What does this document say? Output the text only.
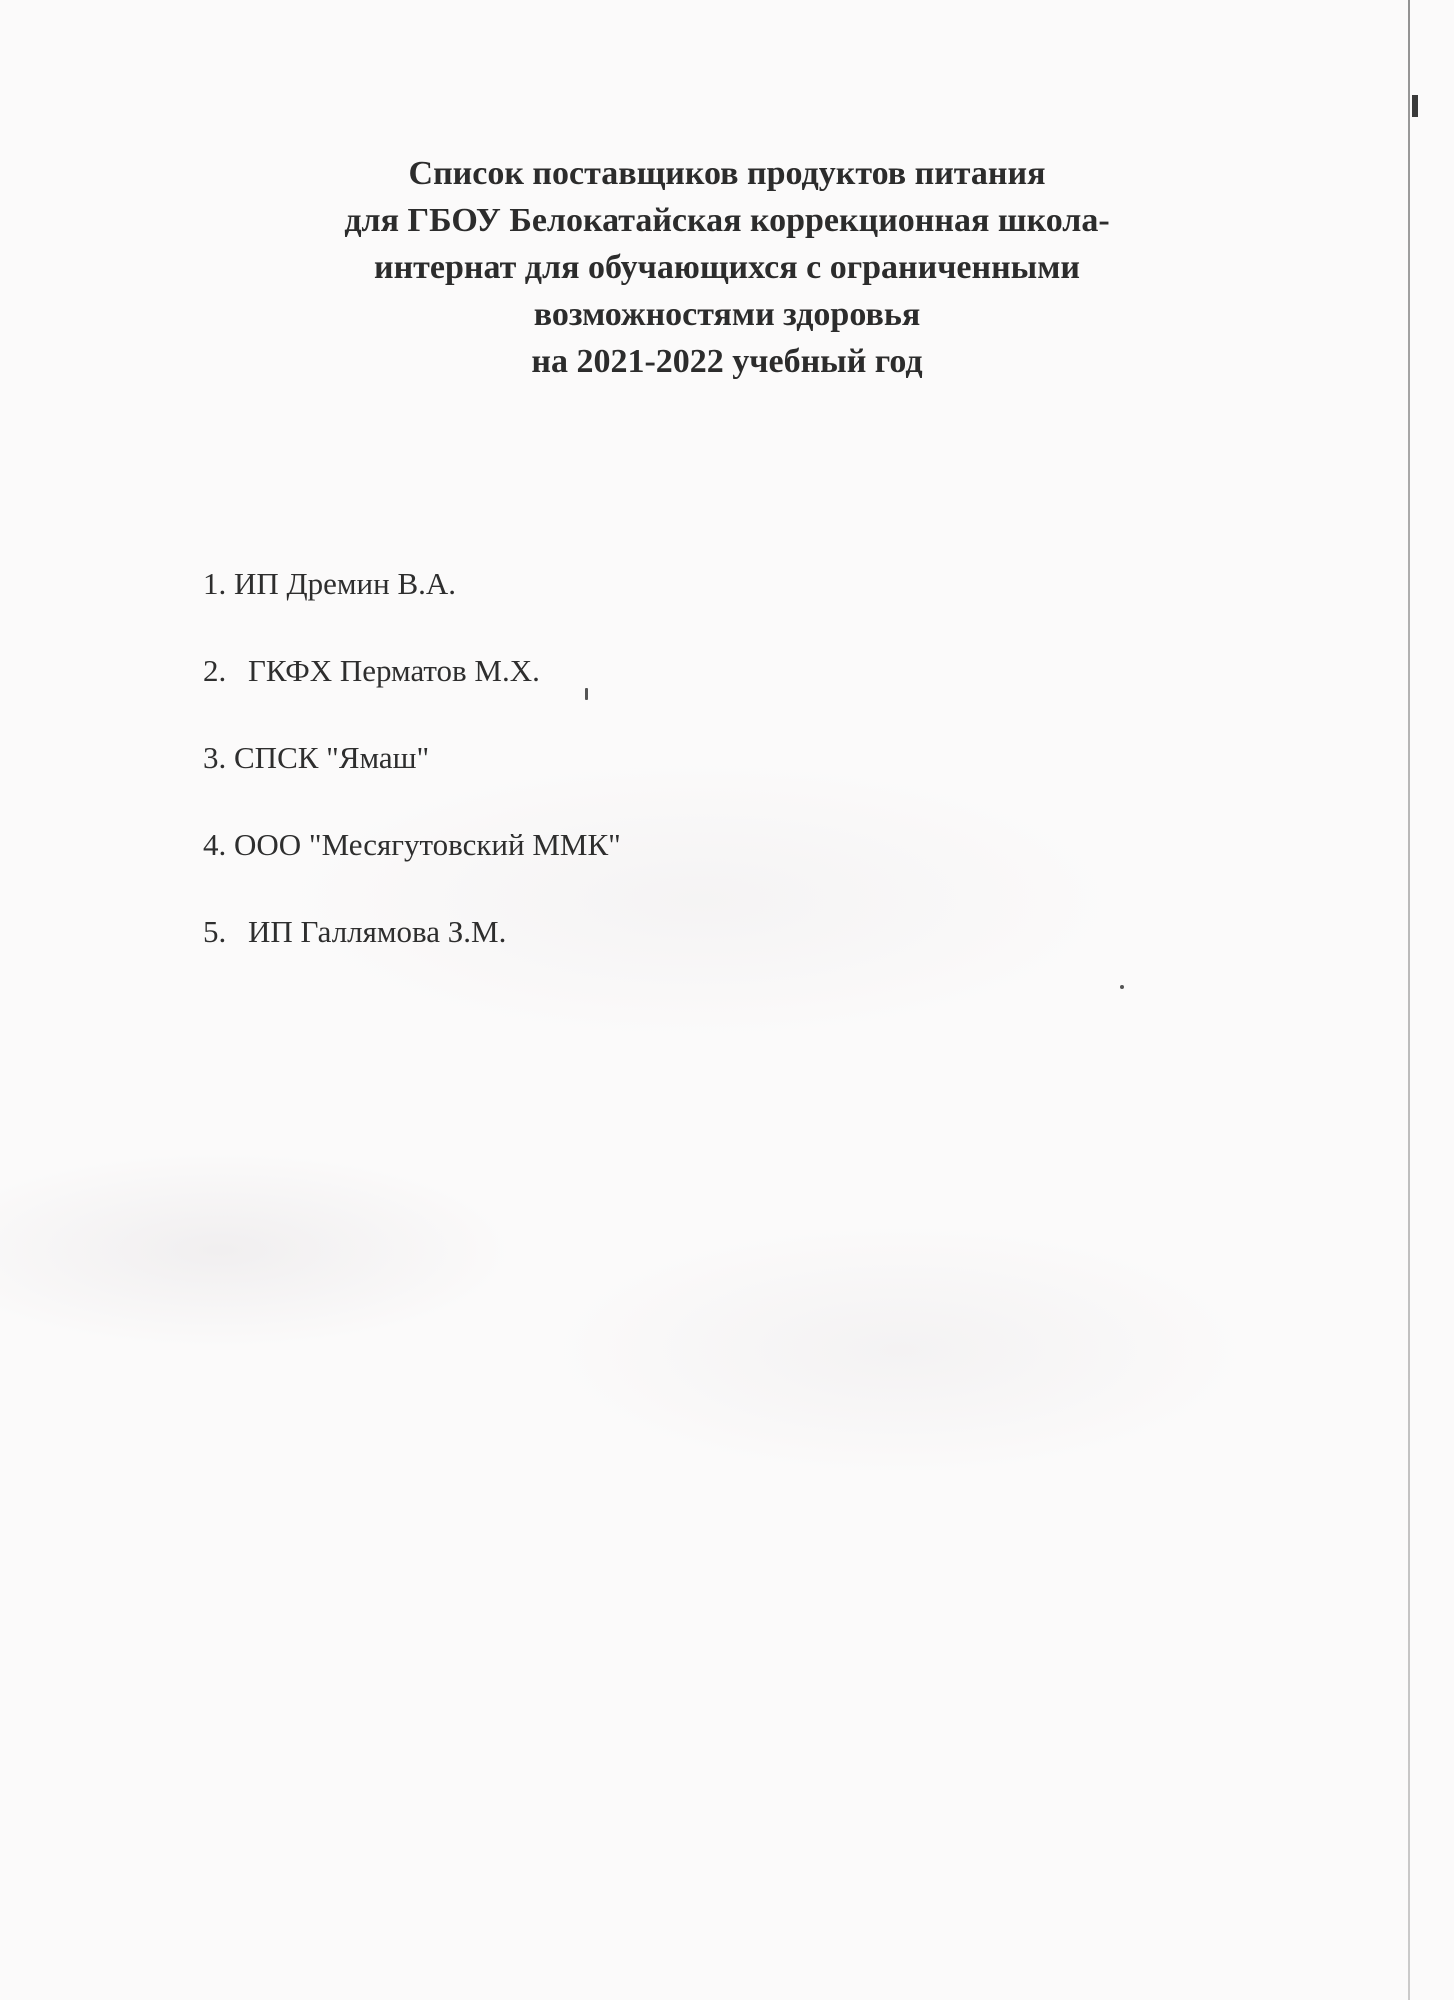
Список поставщиков продуктов питания
для ГБОУ Белокатайская коррекционная школа-
интернат для обучающихся с ограниченными
возможностями здоровья
на 2021-2022 учебный год
1. ИП Дремин В.А.
2. ГКФХ Перматов М.Х.
3. СПСК "Ямаш"
4. ООО "Месягутовский ММК"
5. ИП Галлямова З.М.
